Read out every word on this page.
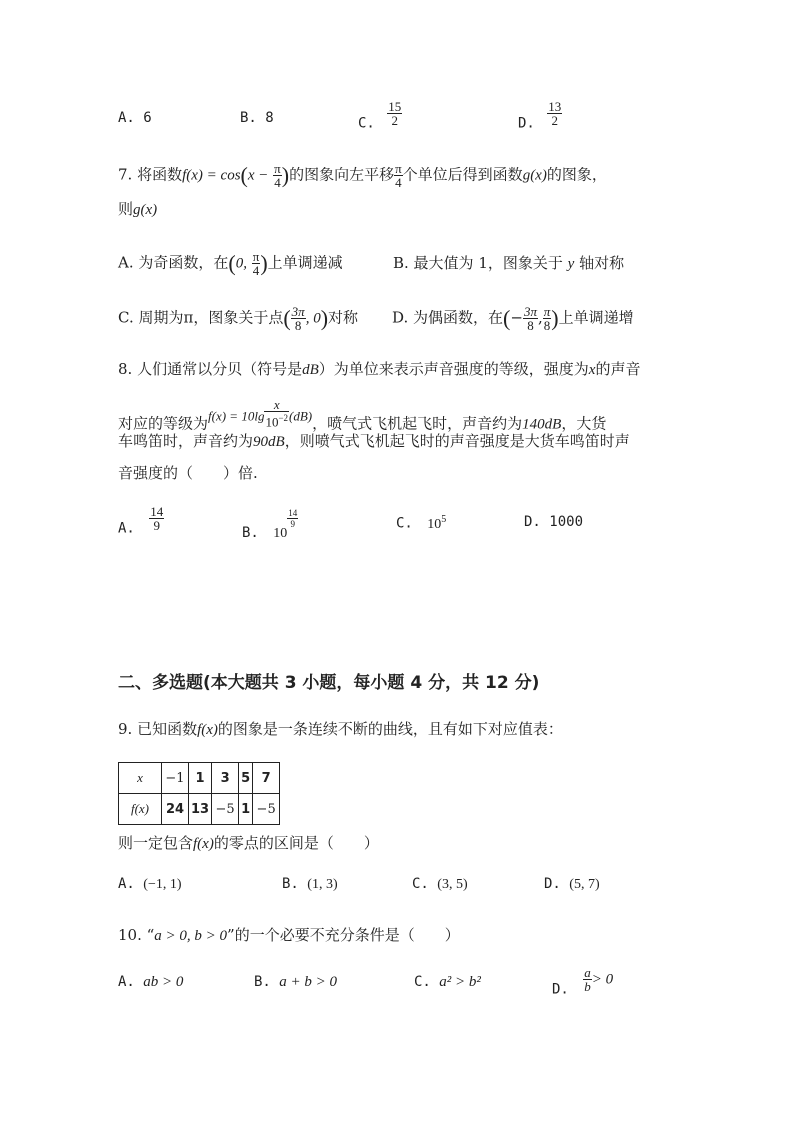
A. 6	B. 8	C. $\frac{15}{2}$	D. $\frac{13}{2}$
7. 将函数$f(x) = \cos(x - \frac{\pi}{4}$ )的图象向左平移 $\frac{\pi}{4}$ 个单位后得到函数g(x)的图象，
则g(x)
A. 为奇函数，在(0, $\frac{\pi}{4}$ )上单调递减	B. 最大值为 1，图象关于 y 轴对称
C. 周期为π，图象关于点( $\frac{3\pi}{8}$ , 0)对称 D. 为偶函数，在(− $\frac{3\pi}{8}$ , $\frac{\pi}{8}$ )上单调递增
8. 人们通常以分贝（符号是dB）为单位来表示声音强度的等级，强度为x的声音
对应的等级为$f(x) = 10\lg \frac{x}{10^{-2}} (dB)$，喷气式飞机起飞时，声音约为140dB，大货
车鸣笛时，声音约为90dB，则喷气式飞机起飞时的声音强度是大货车鸣笛时声
音强度的（　　）倍.
A. $\frac{14}{9}$
B. 10
$\frac{14}{9}$	C. $10^5$	D. 1000
二、多选题(本大题共 3 小题，每小题 4 分，共 12 分)
9. 已知函数f(x)的图象是一条连续不断的曲线，且有如下对应值表：
x	−1	1	3	5	7
f(x)	24	13	−5	1	−5
则一定包含f(x)的零点的区间是（　　）
A. (−1, 1)	B. (1, 3)	C. (3, 5)	D. (5, 7)
10. “a > 0, b > 0”的一个必要不充分条件是（　　）
A. ab > 0	B. a + b > 0	C. a² > b²	D. $\frac{a}{b} > 0$
